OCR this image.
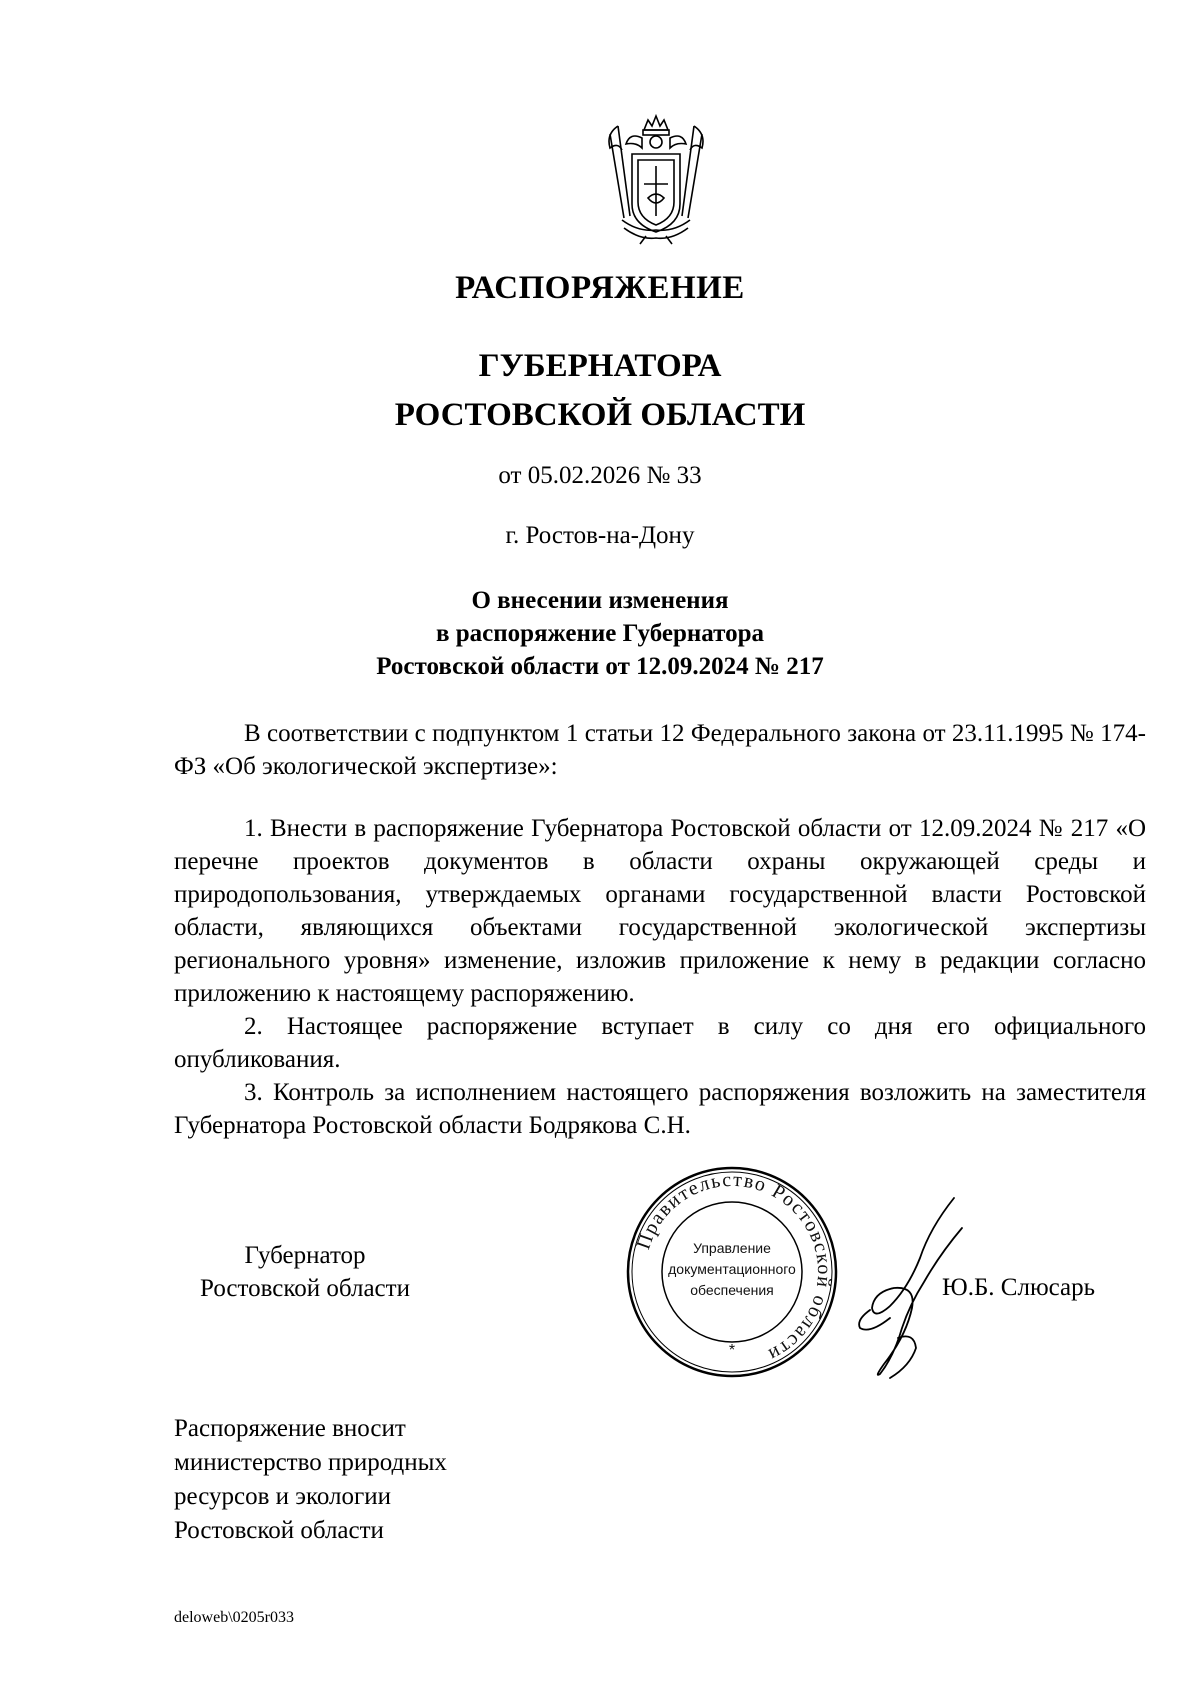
РАСПОРЯЖЕНИЕ
ГУБЕРНАТОРА
РОСТОВСКОЙ ОБЛАСТИ
от 05.02.2026 № 33
г. Ростов-на-Дону
О внесении изменения
в распоряжение Губернатора
Ростовской области от 12.09.2024 № 217

В соответствии с подпунктом 1 статьи 12 Федерального закона от 23.11.1995 № 174-ФЗ «Об экологической экспертизе»:

1. Внести в распоряжение Губернатора Ростовской области от 12.09.2024 № 217 «О перечне проектов документов в области охраны окружающей среды и природопользования, утверждаемых органами государственной власти Ростовской области, являющихся объектами государственной экологической экспертизы регионального уровня» изменение, изложив приложение к нему в редакции согласно приложению к настоящему распоряжению.

2. Настоящее распоряжение вступает в силу со дня его официального опубликования.

3. Контроль за исполнением настоящего распоряжения возложить на заместителя Губернатора Ростовской области Бодрякова С.Н.

Губернатор
Ростовской области
Правительство Ростовской области
Управление
документационного
обеспечения
*
Ю.Б. Слюсарь
Распоряжение вносит
министерство природных
ресурсов и экологии
Ростовской области
deloweb\0205r033
